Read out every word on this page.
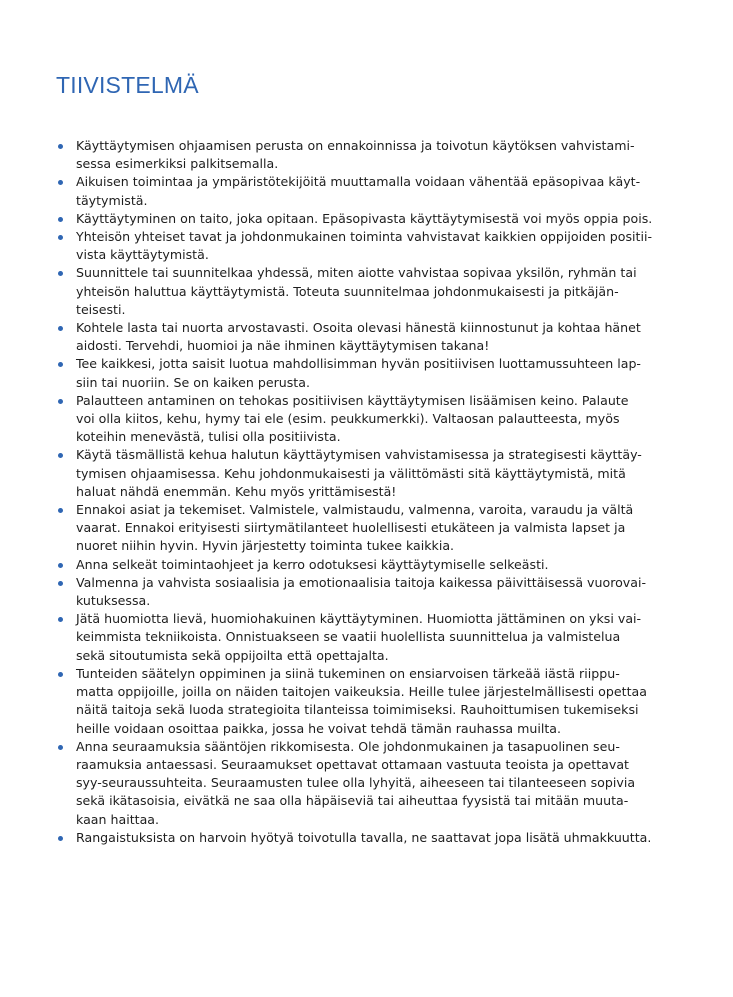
TIIVISTELMÄ
Käyttäytymisen ohjaamisen perusta on ennakoinnissa ja toivotun käytöksen vahvistami-
sessa esimerkiksi palkitsemalla.
Aikuisen toimintaa ja ympäristötekijöitä muuttamalla voidaan vähentää epäsopivaa käyt-
täytymistä.
Käyttäytyminen on taito, joka opitaan. Epäsopivasta käyttäytymisestä voi myös oppia pois.
Yhteisön yhteiset tavat ja johdonmukainen toiminta vahvistavat kaikkien oppijoiden positii-
vista käyttäytymistä.
Suunnittele tai suunnitelkaa yhdessä, miten aiotte vahvistaa sopivaa yksilön, ryhmän tai
yhteisön haluttua käyttäytymistä. Toteuta suunnitelmaa johdonmukaisesti ja pitkäjän-
teisesti.
Kohtele lasta tai nuorta arvostavasti. Osoita olevasi hänestä kiinnostunut ja kohtaa hänet
aidosti. Tervehdi, huomioi ja näe ihminen käyttäytymisen takana!
Tee kaikkesi, jotta saisit luotua mahdollisimman hyvän positiivisen luottamussuhteen lap-
siin tai nuoriin. Se on kaiken perusta.
Palautteen antaminen on tehokas positiivisen käyttäytymisen lisäämisen keino. Palaute
voi olla kiitos, kehu, hymy tai ele (esim. peukkumerkki). Valtaosan palautteesta, myös
koteihin menevästä, tulisi olla positiivista.
Käytä täsmällistä kehua halutun käyttäytymisen vahvistamisessa ja strategisesti käyttäy-
tymisen ohjaamisessa. Kehu johdonmukaisesti ja välittömästi sitä käyttäytymistä, mitä
haluat nähdä enemmän. Kehu myös yrittämisestä!
Ennakoi asiat ja tekemiset. Valmistele, valmistaudu, valmenna, varoita, varaudu ja vältä
vaarat. Ennakoi erityisesti siirtymätilanteet huolellisesti etukäteen ja valmista lapset ja
nuoret niihin hyvin. Hyvin järjestetty toiminta tukee kaikkia.
Anna selkeät toimintaohjeet ja kerro odotuksesi käyttäytymiselle selkeästi.
Valmenna ja vahvista sosiaalisia ja emotionaalisia taitoja kaikessa päivittäisessä vuorovai-
kutuksessa.
Jätä huomiotta lievä, huomiohakuinen käyttäytyminen. Huomiotta jättäminen on yksi vai-
keimmista tekniikoista. Onnistuakseen se vaatii huolellista suunnittelua ja valmistelua
sekä sitoutumista sekä oppijoilta että opettajalta.
Tunteiden säätelyn oppiminen ja siinä tukeminen on ensiarvoisen tärkeää iästä riippu-
matta oppijoille, joilla on näiden taitojen vaikeuksia. Heille tulee järjestelmällisesti opettaa
näitä taitoja sekä luoda strategioita tilanteissa toimimiseksi. Rauhoittumisen tukemiseksi
heille voidaan osoittaa paikka, jossa he voivat tehdä tämän rauhassa muilta.
Anna seuraamuksia sääntöjen rikkomisesta. Ole johdonmukainen ja tasapuolinen seu-
raamuksia antaessasi. Seuraamukset opettavat ottamaan vastuuta teoista ja opettavat
syy-seuraussuhteita. Seuraamusten tulee olla lyhyitä, aiheeseen tai tilanteeseen sopivia
sekä ikätasoisia, eivätkä ne saa olla häpäiseviä tai aiheuttaa fyysistä tai mitään muuta-
kaan haittaa.
Rangaistuksista on harvoin hyötyä toivotulla tavalla, ne saattavat jopa lisätä uhmakkuutta.
